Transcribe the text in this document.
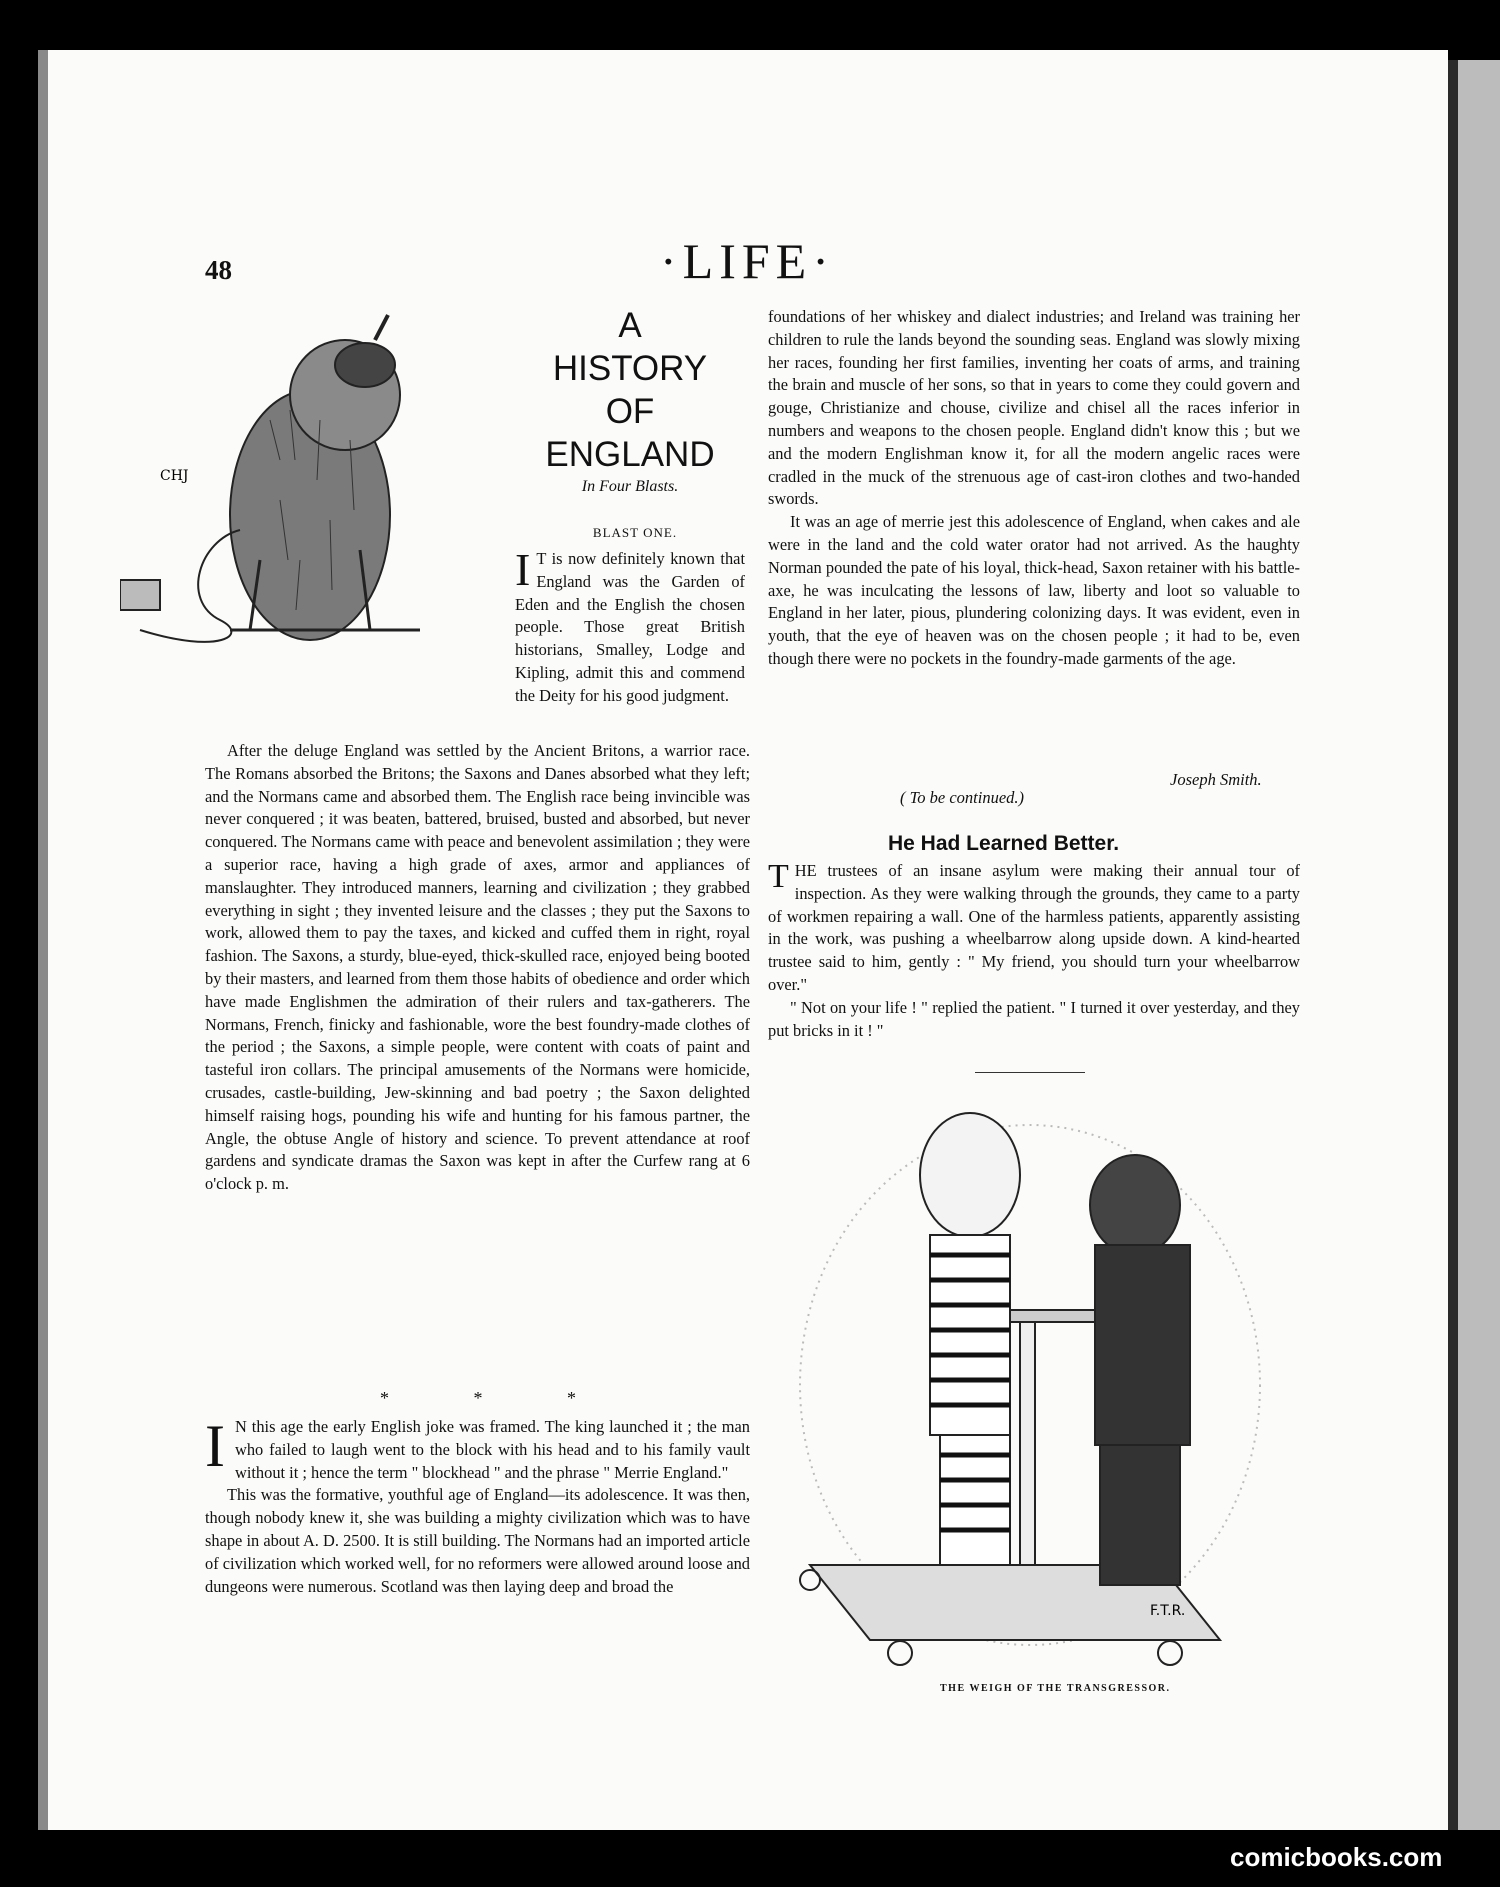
48	·LIFE·
CHJ
A
HISTORY
OF
ENGLAND
In Four Blasts.
BLAST ONE.
I T is now definitely known that England was the Garden of Eden and the English the chosen people. Those great British historians, Smalley, Lodge and Kipling, admit this and commend the Deity for his good judgment.

After the deluge England was settled by the Ancient Britons, a warrior race. The Romans absorbed the Britons; the Saxons and Danes absorbed what they left; and the Normans came and absorbed them. The English race being invincible was never conquered ; it was beaten, battered, bruised, busted and absorbed, but never conquered. The Normans came with peace and benevolent assimilation ; they were a superior race, having a high grade of axes, armor and appliances of manslaughter. They introduced manners, learning and civilization ; they grabbed everything in sight ; they invented leisure and the classes ; they put the Saxons to work, allowed them to pay the taxes, and kicked and cuffed them in right, royal fashion. The Saxons, a sturdy, blue-eyed, thick-skulled race, enjoyed being booted by their masters, and learned from them those habits of obedience and order which have made Englishmen the admiration of their rulers and tax-gatherers. The Normans, French, finicky and fashionable, wore the best foundry-made clothes of the period ; the Saxons, a simple people, were content with coats of paint and tasteful iron collars. The principal amusements of the Normans were homicide, crusades, castle-building, Jew-skinning and bad poetry ; the Saxon delighted himself raising hogs, pounding his wife and hunting for his famous partner, the Angle, the obtuse Angle of history and science. To prevent attendance at roof gardens and syndicate dramas the Saxon was kept in after the Curfew rang at 6 o'clock p. m.

* * *

I N this age the early English joke was framed. The king launched it ; the man who failed to laugh went to the block with his head and to his family vault without it ; hence the term " blockhead " and the phrase " Merrie England."

This was the formative, youthful age of England—its adolescence. It was then, though nobody knew it, she was building a mighty civilization which was to have shape in about A. D. 2500. It is still building. The Normans had an imported article of civilization which worked well, for no reformers were allowed around loose and dungeons were numerous. Scotland was then laying deep and broad the

foundations of her whiskey and dialect industries; and Ireland was training her children to rule the lands beyond the sounding seas. England was slowly mixing her races, founding her first families, inventing her coats of arms, and training the brain and muscle of her sons, so that in years to come they could govern and gouge, Christianize and chouse, civilize and chisel all the races inferior in numbers and weapons to the chosen people. England didn't know this ; but we and the modern Englishman know it, for all the modern angelic races were cradled in the muck of the strenuous age of cast-iron clothes and two-handed swords.

It was an age of merrie jest this adolescence of England, when cakes and ale were in the land and the cold water orator had not arrived. As the haughty Norman pounded the pate of his loyal, thick-head, Saxon retainer with his battle-axe, he was inculcating the lessons of law, liberty and loot so valuable to England in her later, pious, plundering colonizing days. It was evident, even in youth, that the eye of heaven was on the chosen people ; it had to be, even though there were no pockets in the foundry-made garments of the age.

Joseph Smith.
( To be continued.)
He Had Learned Better.

T HE trustees of an insane asylum were making their annual tour of inspection. As they were walking through the grounds, they came to a party of workmen repairing a wall. One of the harmless patients, apparently assisting in the work, was pushing a wheelbarrow along upside down. A kind-hearted trustee said to him, gently : " My friend, you should turn your wheelbarrow over."

" Not on your life ! " replied the patient. " I turned it over yesterday, and they put bricks in it ! "

F.T.R.
THE WEIGH OF THE TRANSGRESSOR.
comicbooks.com
